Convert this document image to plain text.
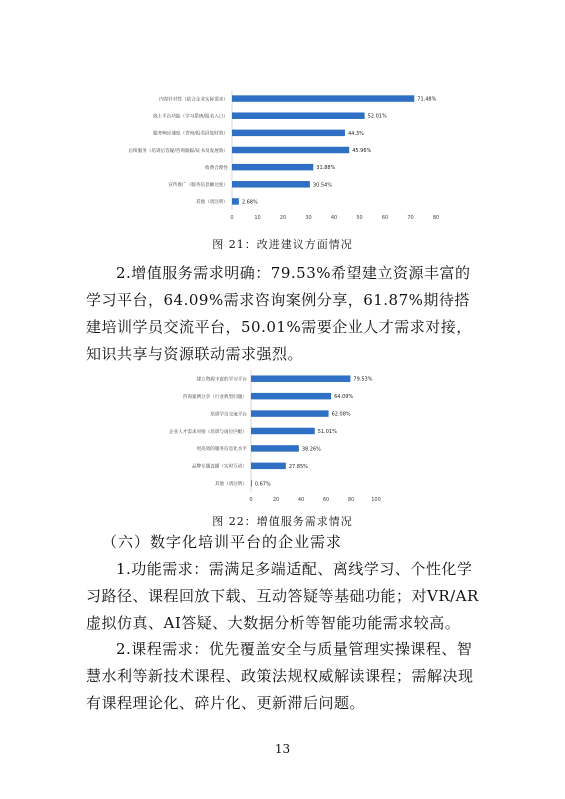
内容针对性（结合企业实际需求）	71.48%
线上平台功能（学习系统/报名入口）	52.01%
服务响应速度（咨询/报名回复时效）	44.3%
后续服务（培训后答疑/咨询跟踪/证书及发展效）	45.96%
收费合理性	31.88%
宣传推广（服务信息触达度）	30.54%
其他（请注明）	2.68%
0	10	20	30	40	50	60	70	80
图 21：改进建议方面情况

2.增值服务需求明确：79.53%希望建立资源丰富的学习平台，64.09%需求咨询案例分享，61.87%期待搭建培训学员交流平台，50.01%需要企业人才需求对接，知识共享与资源联动需求强烈。

建立资源丰富的学习平台	79.53%
咨询案例分享（行业典型问题）	64.09%
培训学员交流平台	62.08%
企业人才需求对接（培训与岗位匹配）	51.01%
更高效的服务信息化水平	38.26%
品牌专题直播（实时互动）	27.85%
其他（请注明） 0.67%
0	20	40	60	80	100
图 22：增值服务需求情况
（六）数字化培训平台的企业需求

1.功能需求：需满足多端适配、离线学习、个性化学习路径、课程回放下载、互动答疑等基础功能；对VR/AR虚拟仿真、AI答疑、大数据分析等智能功能需求较高。

2.课程需求：优先覆盖安全与质量管理实操课程、智慧水利等新技术课程、政策法规权威解读课程；需解决现有课程理论化、碎片化、更新滞后问题。

13
